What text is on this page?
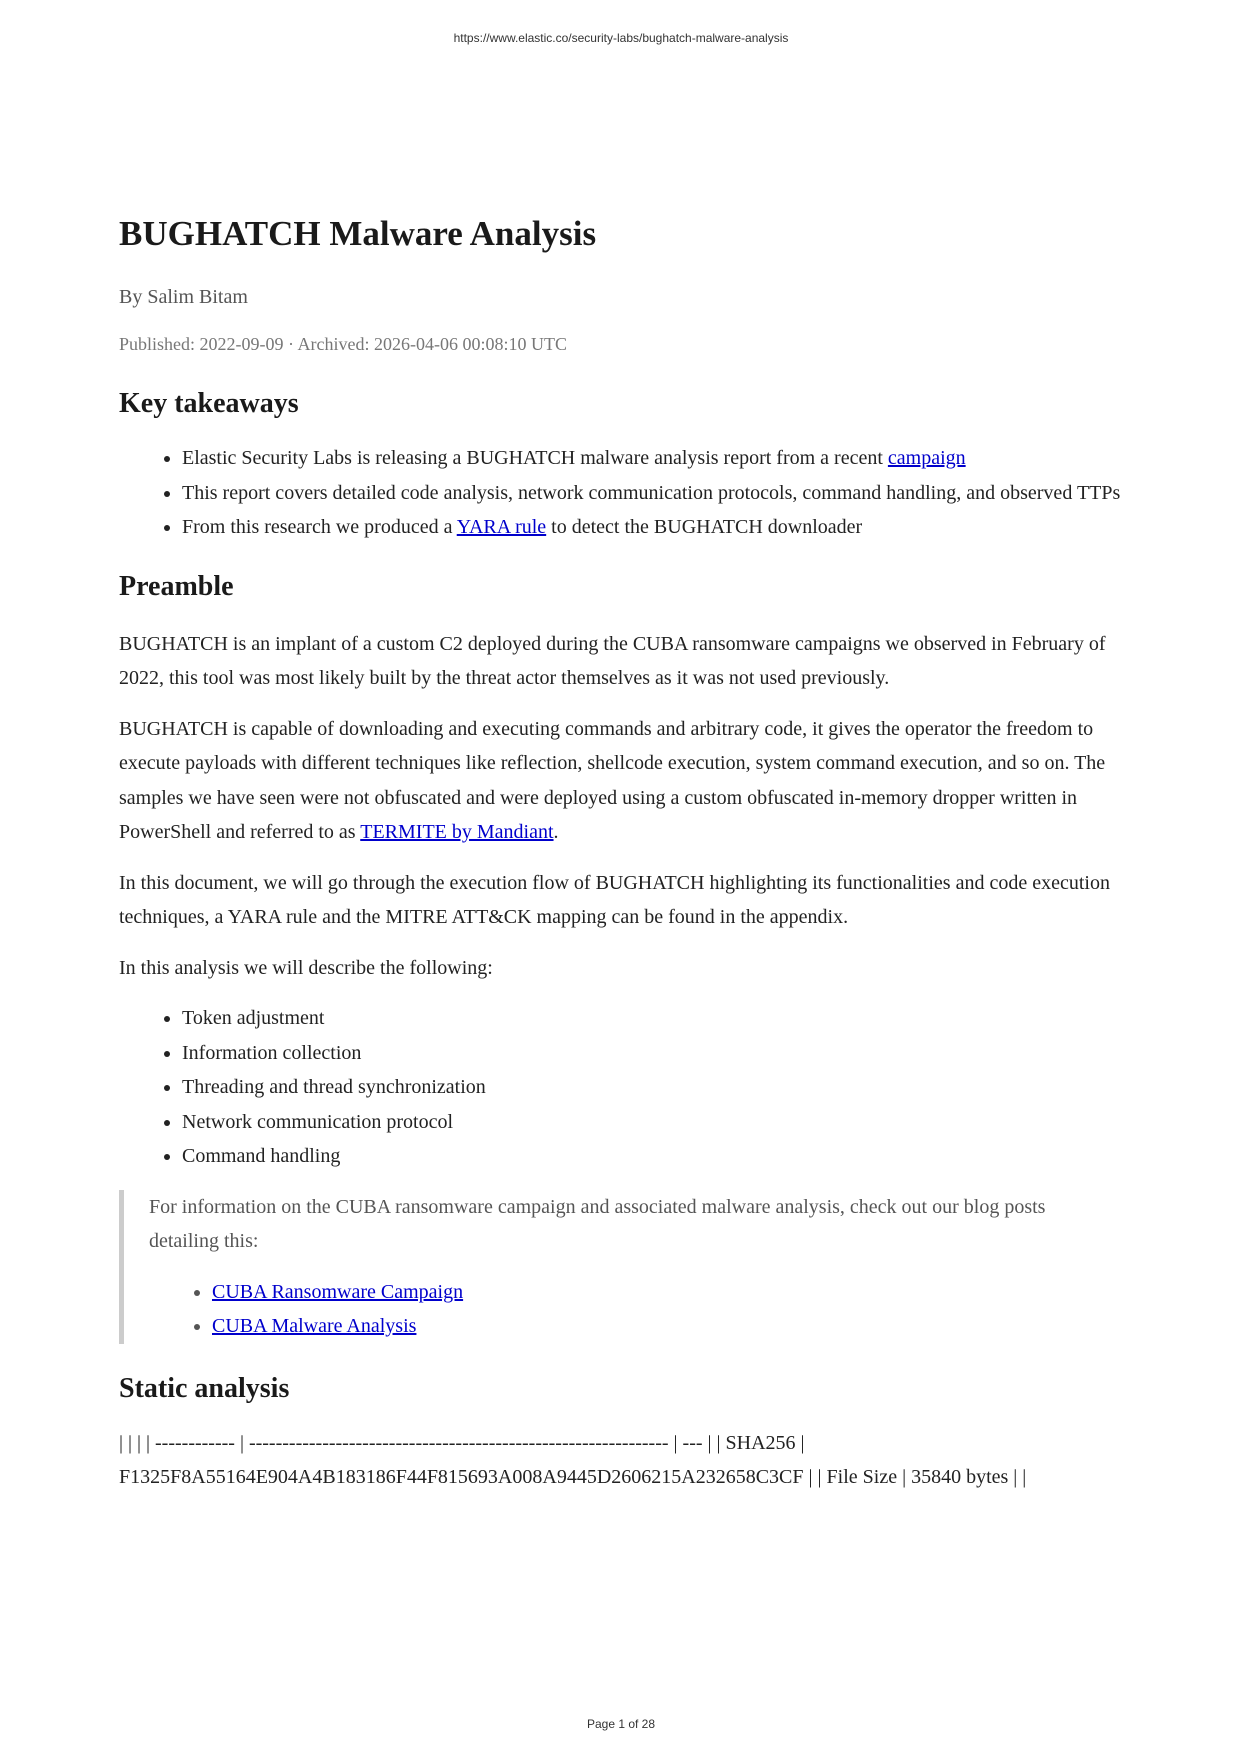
https://www.elastic.co/security-labs/bughatch-malware-analysis
BUGHATCH Malware Analysis
By Salim Bitam
Published: 2022-09-09 · Archived: 2026-04-06 00:08:10 UTC
Key takeaways
• Elastic Security Labs is releasing a BUGHATCH malware analysis report from a recent campaign
• This report covers detailed code analysis, network communication protocols, command handling, and observed TTPs
• From this research we produced a YARA rule to detect the BUGHATCH downloader
Preamble

BUGHATCH is an implant of a custom C2 deployed during the CUBA ransomware campaigns we observed in February of 2022, this tool was most likely built by the threat actor themselves as it was not used previously.

BUGHATCH is capable of downloading and executing commands and arbitrary code, it gives the operator the freedom to execute payloads with different techniques like reflection, shellcode execution, system command execution, and so on. The samples we have seen were not obfuscated and were deployed using a custom obfuscated in-memory dropper written in PowerShell and referred to as TERMITE by Mandiant.

In this document, we will go through the execution flow of BUGHATCH highlighting its functionalities and code execution techniques, a YARA rule and the MITRE ATT&CK mapping can be found in the appendix.

In this analysis we will describe the following:

• Token adjustment
• Information collection
• Threading and thread synchronization
• Network communication protocol
• Command handling

For information on the CUBA ransomware campaign and associated malware analysis, check out our blog posts detailing this:

• CUBA Ransomware Campaign
• CUBA Malware Analysis
Static analysis

| | | | ------------ | --------------------------------------------------------------- | --- | | SHA256 | F1325F8A55164E904A4B183186F44F815693A008A9445D2606215A232658C3CF | | File Size | 35840 bytes | |

Page 1 of 28
